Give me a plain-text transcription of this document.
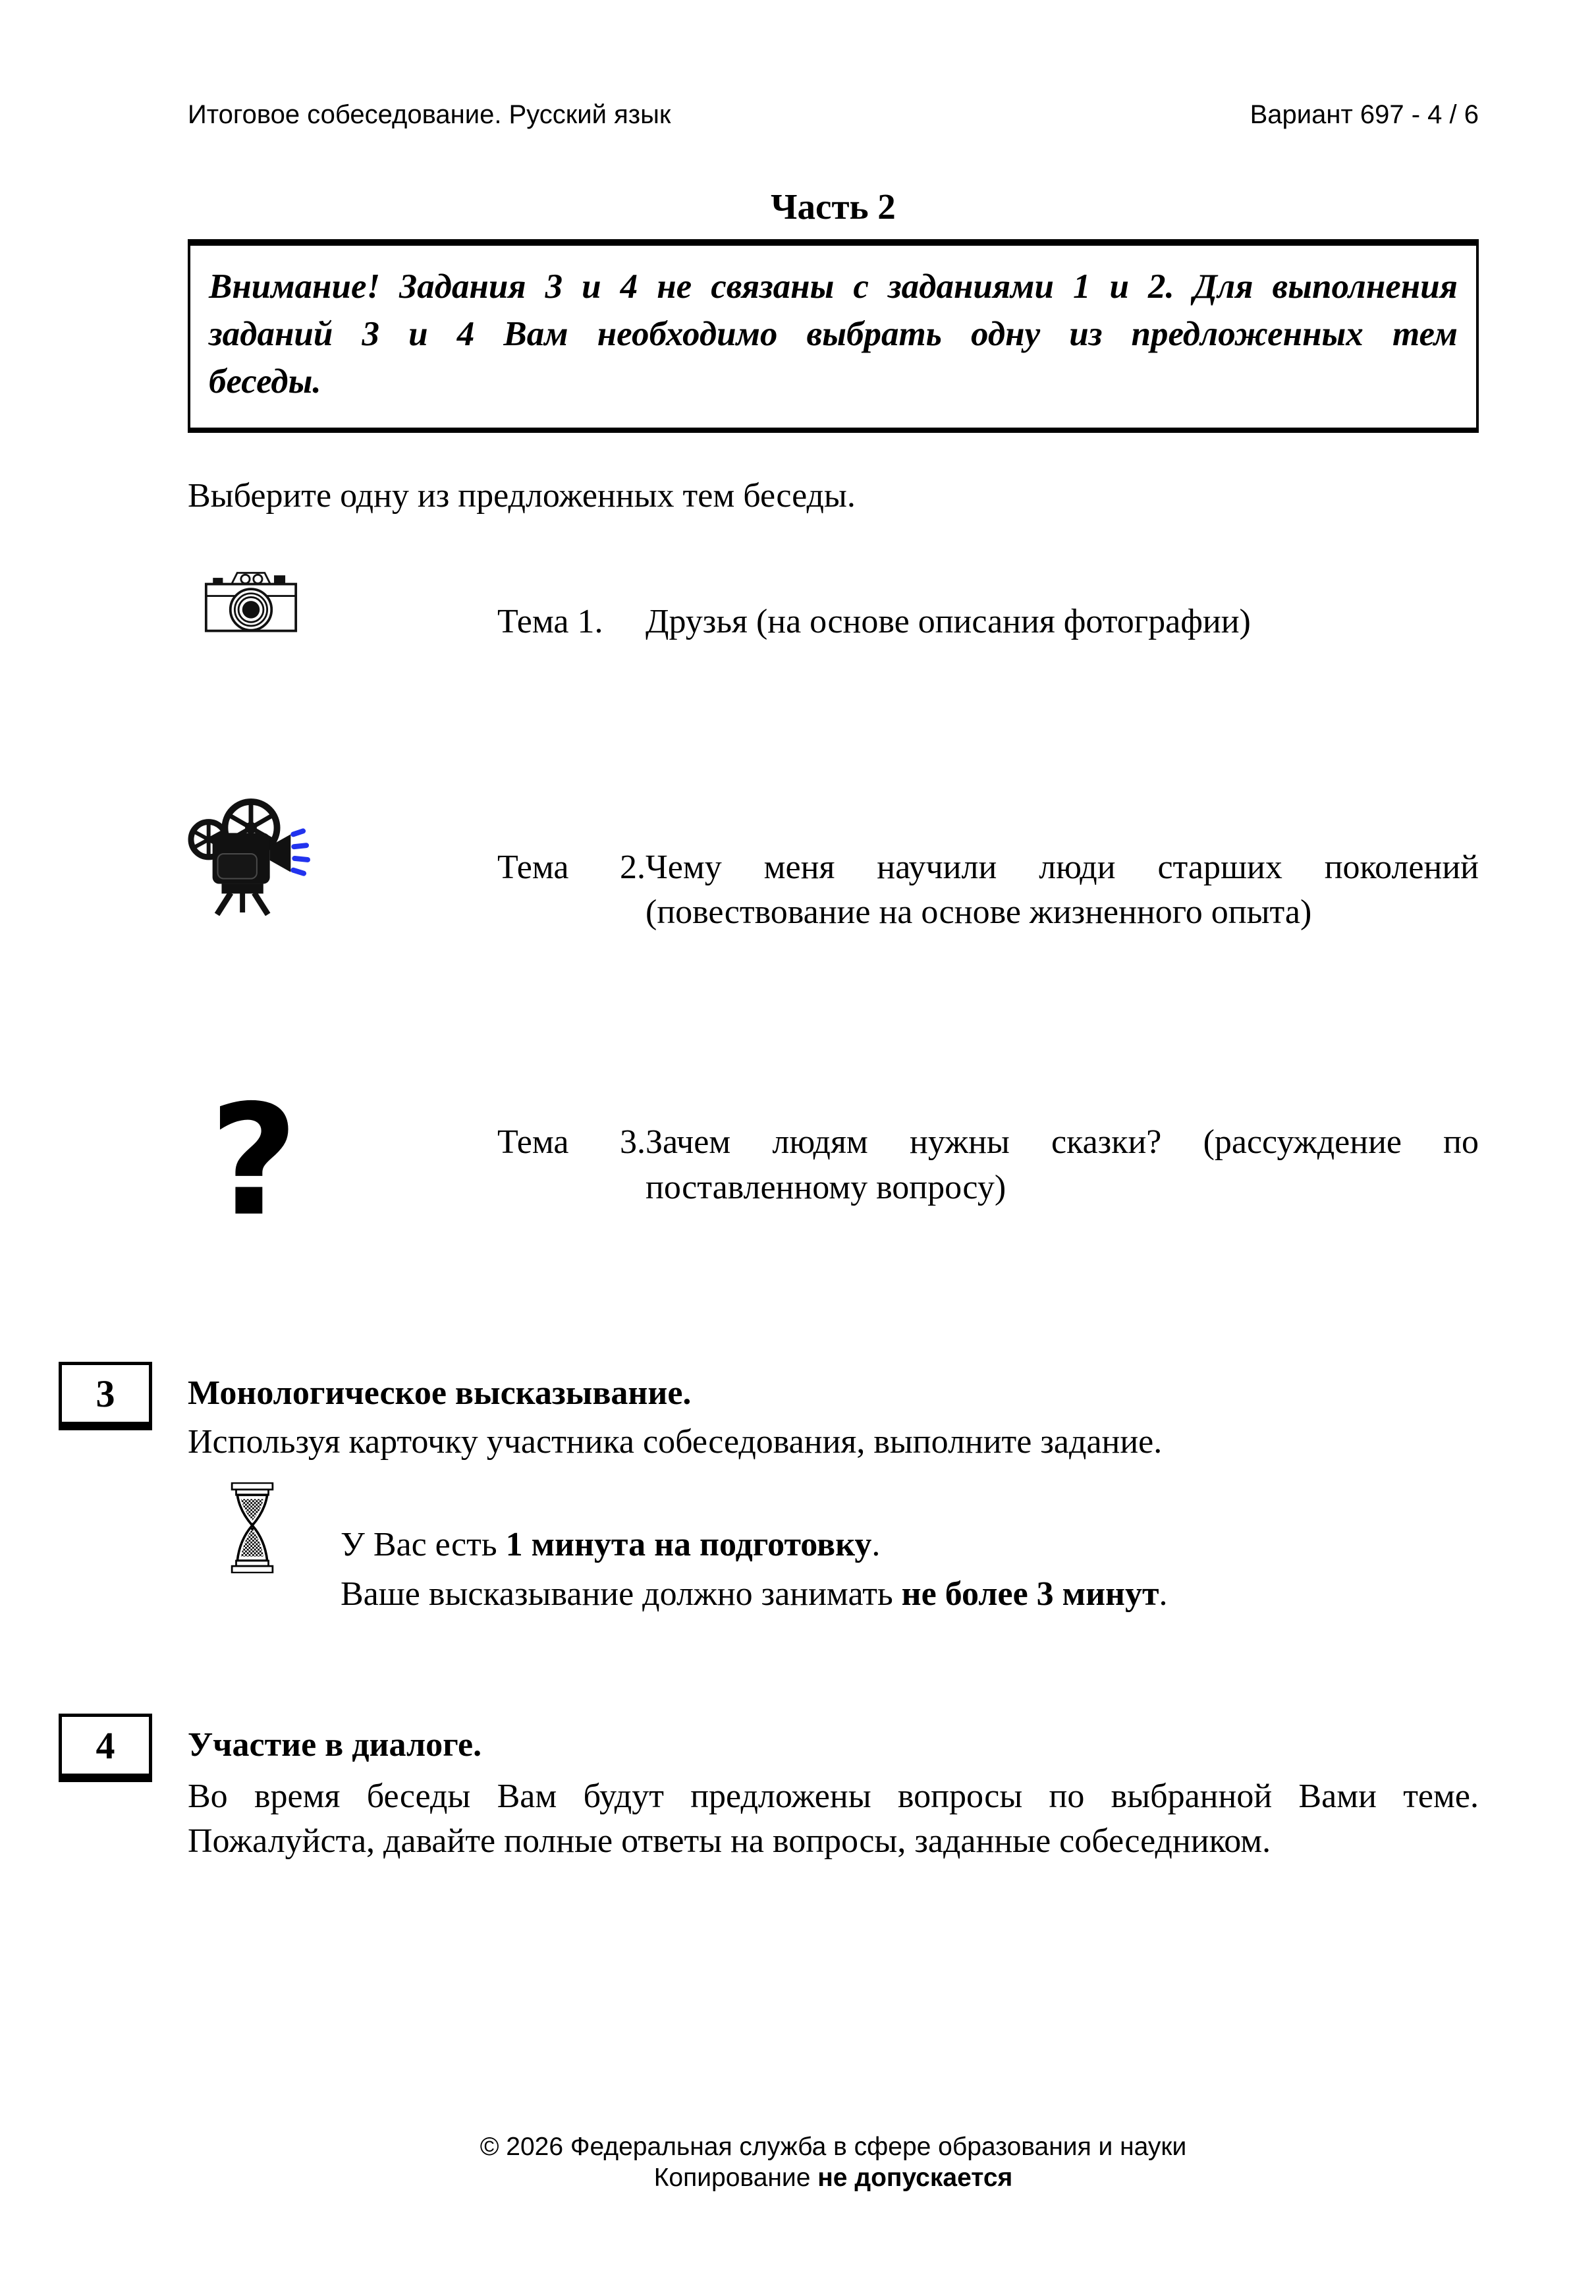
Итоговое собеседование. Русский язык	Вариант 697 - 4 / 6
Часть 2
Внимание! Задания 3 и 4 не связаны с заданиями 1 и 2. Для выполнения
заданий 3 и 4 Вам необходимо выбрать одну из предложенных тем
беседы.
Выберите одну из предложенных тем беседы.
Тема 1. Друзья (на основе описания фотографии)
Тема 2.Чему меня научили люди старших поколений
(повествование на основе жизненного опыта)
?	Тема 3.Зачем людям нужны сказки? (рассуждение по
поставленному вопросу)
3	Монологическое высказывание.
Используя карточку участника собеседования, выполните задание.
У Вас есть 1 минута на подготовку.
Ваше высказывание должно занимать не более 3 минут.
4	Участие в диалоге.
Во время беседы Вам будут предложены вопросы по выбранной Вами теме.
Пожалуйста, давайте полные ответы на вопросы, заданные собеседником.
© 2026 Федеральная служба в сфере образования и науки
Копирование не допускается
